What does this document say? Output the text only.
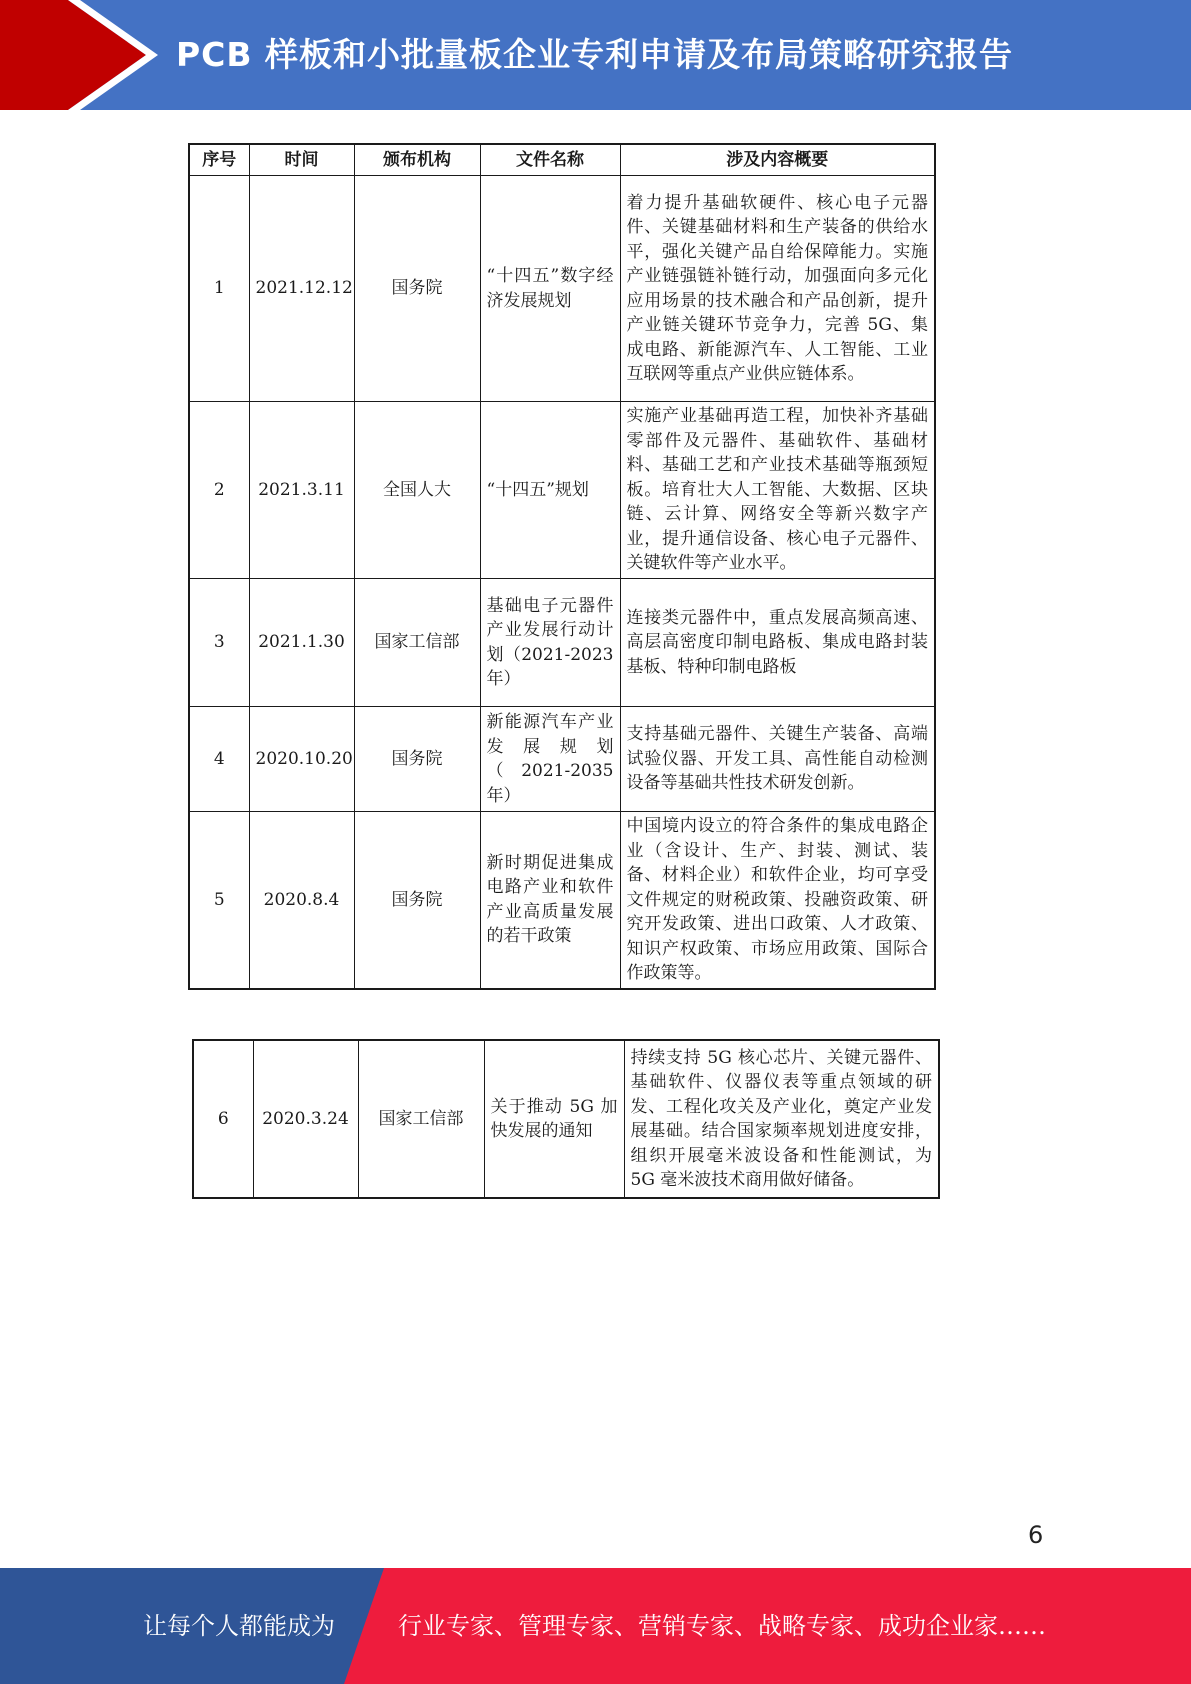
PCB 样板和小批量板企业专利申请及布局策略研究报告
序号	时间	颁布机构	文件名称	涉及内容概要
1	2021.12.12	国务院	“十四五”数字经济发展规划	着力提升基础软硬件、核心电子元器件、关键基础材料和生产装备的供给水平，强化关键产品自给保障能力。实施产业链强链补链行动，加强面向多元化应用场景的技术融合和产品创新，提升产业链关键环节竞争力，完善 5G、集成电路、新能源汽车、人工智能、工业互联网等重点产业供应链体系。
2	2021.3.11	全国人大	“十四五”规划	实施产业基础再造工程，加快补齐基础零部件及元器件、基础软件、基础材料、基础工艺和产业技术基础等瓶颈短板。培育壮大人工智能、大数据、区块链、云计算、网络安全等新兴数字产业，提升通信设备、核心电子元器件、关键软件等产业水平。
3	2021.1.30	国家工信部	基础电子元器件产业发展行动计划（2021-2023年）	连接类元器件中，重点发展高频高速、高层高密度印制电路板、集成电路封装基板、特种印制电路板
4	2020.10.20	国务院	新能源汽车产业发展规划（2021-2035年）	支持基础元器件、关键生产装备、高端试验仪器、开发工具、高性能自动检测设备等基础共性技术研发创新。
5	2020.8.4	国务院	新时期促进集成电路产业和软件产业高质量发展的若干政策	中国境内设立的符合条件的集成电路企业（含设计、生产、封装、测试、装备、材料企业）和软件企业，均可享受文件规定的财税政策、投融资政策、研究开发政策、进出口政策、人才政策、知识产权政策、市场应用政策、国际合作政策等。
6	2020.3.24	国家工信部	关于推动 5G 加快发展的通知	持续支持 5G 核心芯片、关键元器件、基础软件、仪器仪表等重点领域的研发、工程化攻关及产业化，奠定产业发展基础。结合国家频率规划进度安排，组织开展毫米波设备和性能测试，为 5G 毫米波技术商用做好储备。
6
让每个人都能成为	行业专家、管理专家、营销专家、战略专家、成功企业家……
